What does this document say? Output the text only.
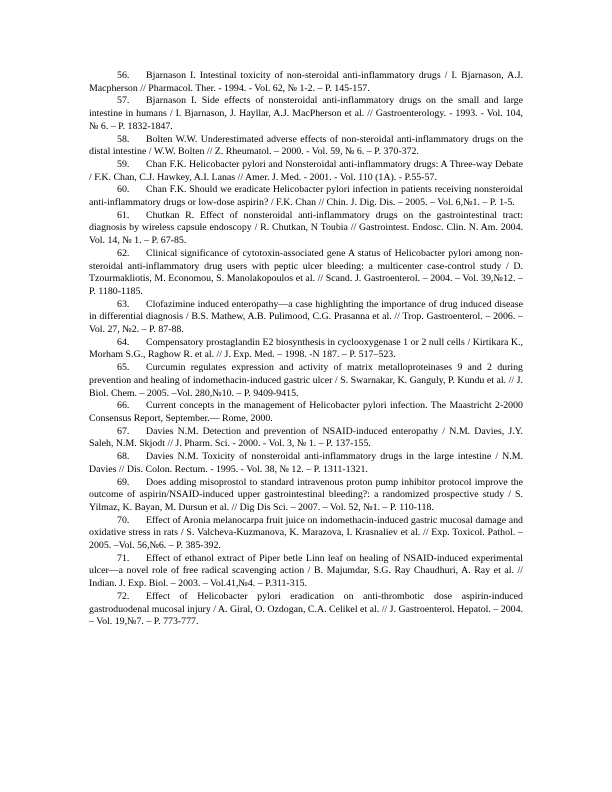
56. Bjarnason I. Intestinal toxicity of non-steroidal anti-inflammatory drugs / I. Bjarnason, A.J. Macpherson // Pharmacol. Ther. - 1994. - Vol. 62, № 1-2. – P. 145-157.

57. Bjarnason I. Side effects of nonsteroidal anti-inflammatory drugs on the small and large intestine in humans / I. Bjarnason, J. Hayllar, A.J. MacPherson et al. // Gastroenterology. - 1993. - Vol. 104, № 6. – P. 1832-1847.

58. Bolten W.W. Underestimated adverse effects of non-steroidal anti-inflammatory drugs on the distal intestine / W.W. Bolten // Z. Rheumatol. – 2000. - Vol. 59, № 6. – P. 370-372.

59. Chan F.K. Helicobacter pylori and Nonsteroidal anti-inflammatory drugs: A Three-way Debate / F.K. Chan, C.J. Hawkey, A.I. Lanas // Amer. J. Med. - 2001. - Vol. 110 (1A). - P.55-57.

60. Chan F.K. Should we eradicate Helicobacter pylori infection in patients receiving nonsteroidal anti-inflammatory drugs or low-dose aspirin? / F.K. Chan // Chin. J. Dig. Dis. – 2005. – Vol. 6,№1. – P. 1-5.

61. Chutkan R. Effect of nonsteroidal anti-inflammatory drugs on the gastrointestinal tract: diagnosis by wireless capsule endoscopy / R. Chutkan, N Toubia // Gastrointest. Endosc. Clin. N. Am. 2004. Vol. 14, № 1. – P. 67-85.

62. Clinical significance of cytotoxin-associated gene A status of Helicobacter pylori among non-steroidal anti-inflammatory drug users with peptic ulcer bleeding: a multicenter case-control study / D. Tzourmakliotis, M. Economou, S. Manolakopoulos et al. // Scand. J. Gastroenterol. – 2004. – Vol. 39,№12. – P. 1180-1185.

63. Clofazimine induced enteropathy—a case highlighting the importance of drug induced disease in differential diagnosis / B.S. Mathew, A.B. Pulimood, C.G. Prasanna et al. // Trop. Gastroenterol. – 2006. – Vol. 27, №2. – P. 87-88.

64. Compensatory prostaglandin E2 biosynthesis in cyclooxygenase 1 or 2 null cells / Kirtikara K., Morham S.G., Raghow R. et al. // J. Exp. Med. – 1998. -N 187. – P. 517–523.

65. Curcumin regulates expression and activity of matrix metalloproteinases 9 and 2 during prevention and healing of indomethacin-induced gastric ulcer / S. Swarnakar, K. Ganguly, P. Kundu et al. // J. Biol. Chem. – 2005. –Vol. 280,№10. – P. 9409-9415.

66. Current concepts in the management of Helicobacter pylori infection. The Maastricht 2-2000 Consensus Report, September.— Rome, 2000.

67. Davies N.M. Detection and prevention of NSAID-induced enteropathy / N.M. Davies, J.Y. Saleh, N.M. Skjodt // J. Pharm. Sci. - 2000. - Vol. 3, № 1. – P. 137-155.

68. Davies N.M. Toxicity of nonsteroidal anti-inflammatory drugs in the large intestine / N.M. Davies // Dis. Colon. Rectum. - 1995. - Vol. 38, № 12. – P. 1311-1321.

69. Does adding misoprostol to standard intravenous proton pump inhibitor protocol improve the outcome of aspirin/NSAID-induced upper gastrointestinal bleeding?: a randomized prospective study / S. Yilmaz, K. Bayan, M. Dursun et al. // Dig Dis Sci. – 2007. – Vol. 52, №1. – P. 110-118.

70. Effect of Aronia melanocarpa fruit juice on indomethacin-induced gastric mucosal damage and oxidative stress in rats / S. Valcheva-Kuzmanova, K. Marazova, I. Krasnaliev et al. // Exp. Toxicol. Pathol. – 2005. –Vol. 56,№6. – P. 385-392.

71. Effect of ethanol extract of Piper betle Linn leaf on healing of NSAID-induced experimental ulcer—a novel role of free radical scavenging action / B. Majumdar, S.G. Ray Chaudhuri, A. Ray et al. // Indian. J. Exp. Biol. – 2003. – Vol.41,№4. – P.311-315.

72. Effect of Helicobacter pylori eradication on anti-thrombotic dose aspirin-induced gastroduodenal mucosal injury / A. Giral, O. Ozdogan, C.A. Celikel et al. // J. Gastroenterol. Hepatol. – 2004. – Vol. 19,№7. – P. 773-777.
